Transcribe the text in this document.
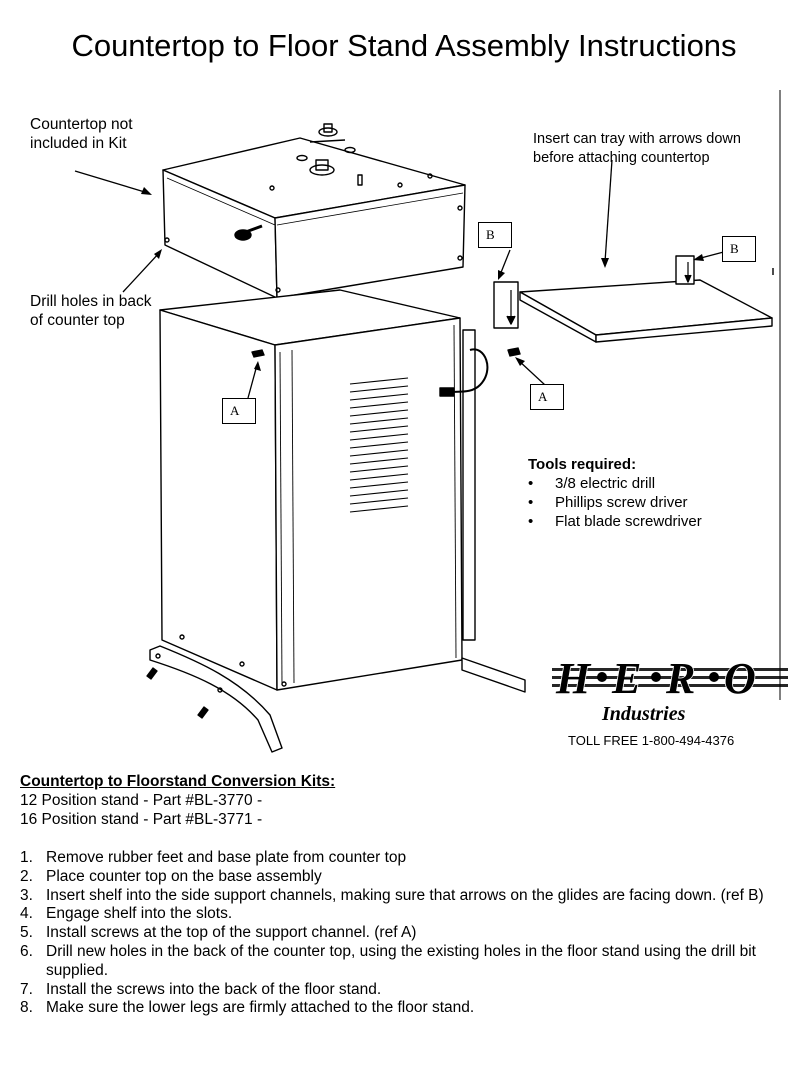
Countertop to Floor Stand Assembly Instructions
Countertop not
included in Kit
Drill holes in back
of counter top
Insert can tray with arrows down
before attaching countertop
B
B
A
A
Tools required:
• 3/8 electric drill
• Phillips screw driver
• Flat blade screwdriver
H E R O
Industries
TOLL FREE 1-800-494-4376
Countertop to Floorstand Conversion Kits:
12 Position stand - Part #BL-3770 -
16 Position stand - Part #BL-3771 -
1. Remove rubber feet and base plate from counter top
2. Place counter top on the base assembly
3. Insert shelf into the side support channels, making sure that arrows on the glides are facing down. (ref B)
4. Engage shelf into the slots.
5. Install screws at the top of the support channel. (ref A)
6. Drill new holes in the back of the counter top, using the existing holes in the floor stand using the drill bit supplied.
7. Install the screws into the back of the floor stand.
8. Make sure the lower legs are firmly attached to the floor stand.
